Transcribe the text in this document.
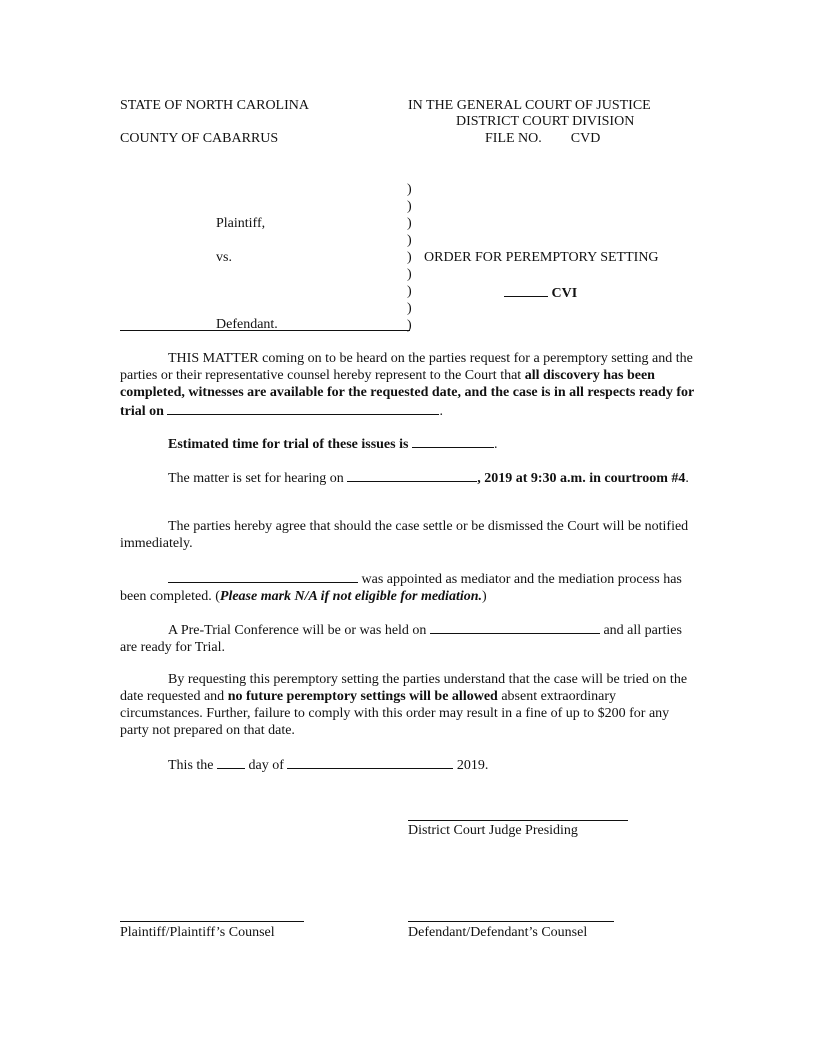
STATE OF NORTH CAROLINA
COUNTY OF CABARRUS
IN THE GENERAL COURT OF JUSTICE
DISTRICT COURT DIVISION
FILE NO. CVD
Plaintiff,
vs.
Defendant.
)
)
)
)
)
)
)
)
)
ORDER FOR PEREMPTORY SETTING
CVI
THIS MATTER coming on to be heard on the parties request for a peremptory setting and the parties or their representative counsel hereby represent to the Court that all discovery has been completed, witnesses are available for the requested date, and the case is in all respects ready for trial on	.
Estimated time for trial of these issues is	.
The matter is set for hearing on	, 2019 at 9:30 a.m. in courtroom #4.
The parties hereby agree that should the case settle or be dismissed the Court will be notified immediately.
was appointed as mediator and the mediation process has been completed. (Please mark N/A if not eligible for mediation.)
A Pre-Trial Conference will be or was held on	and all parties are ready for Trial.
By requesting this peremptory setting the parties understand that the case will be tried on the date requested and no future peremptory settings will be allowed absent extraordinary circumstances. Further, failure to comply with this order may result in a fine of up to $200 for any party not prepared on that date.
This the	day of	2019.
District Court Judge Presiding
Plaintiff/Plaintiff’s Counsel	Defendant/Defendant’s Counsel
